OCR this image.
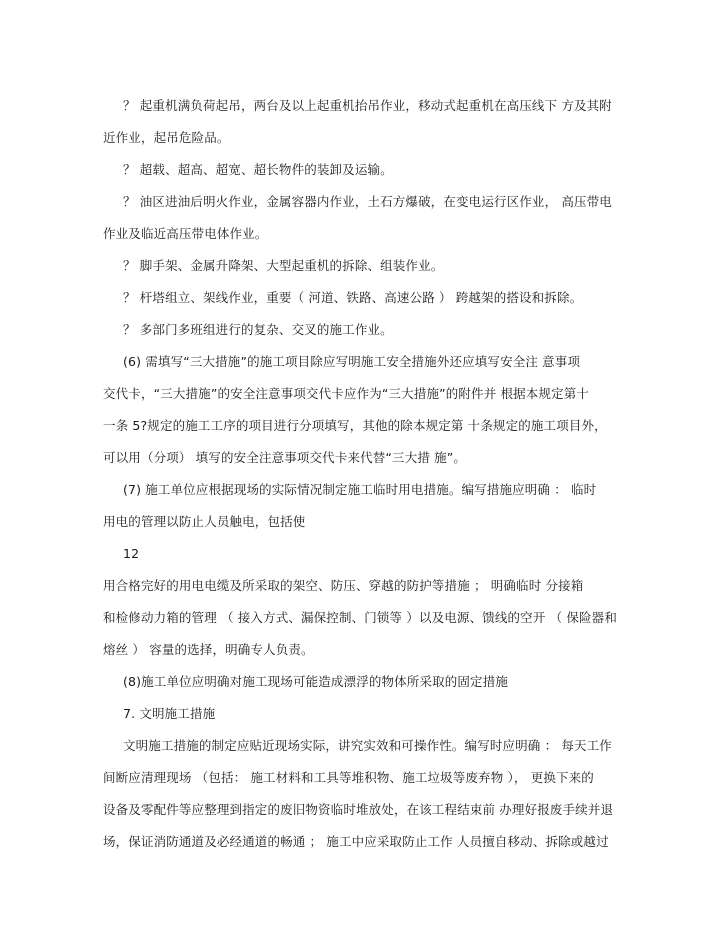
？ 起重机满负荷起吊，两台及以上起重机抬吊作业，移动式起重机在高压线下 方及其附
近作业，起吊危险品。
？ 超载、超高、超宽、超长物件的装卸及运输。
？ 油区进油后明火作业，金属容器内作业，土石方爆破，在变电运行区作业， 高压带电
作业及临近高压带电体作业。
？ 脚手架、金属升降架、大型起重机的拆除、组装作业。
？ 杆塔组立、架线作业，重要（ 河道、铁路、高速公路 ） 跨越架的搭设和拆除。
？ 多部门多班组进行的复杂、交叉的施工作业。
(6) 需填写“三大措施”的施工项目除应写明施工安全措施外还应填写安全注 意事项
交代卡，“三大措施”的安全注意事项交代卡应作为“三大措施”的附件并 根据本规定第十
一条 5?规定的施工工序的项目进行分项填写，其他的除本规定第 十条规定的施工项目外，
可以用（分项） 填写的安全注意事项交代卡来代替“三大措 施”。
(7) 施工单位应根据现场的实际情况制定施工临时用电措施。编写措施应明确 ： 临时
用电的管理以防止人员触电，包括使
12
用合格完好的用电电缆及所采取的架空、防压、穿越的防护等措施 ； 明确临时 分接箱
和检修动力箱的管理 （ 接入方式、漏保控制、门锁等 ）以及电源、馈线的空开 （ 保险器和
熔丝 ） 容量的选择，明确专人负责。
(8)施工单位应明确对施工现场可能造成漂浮的物体所采取的固定措施
7. 文明施工措施
文明施工措施的制定应贴近现场实际，讲究实效和可操作性。编写时应明确 ： 每天工作
间断应清理现场 （包括： 施工材料和工具等堆积物、施工垃圾等废弃物 ）， 更换下来的
设备及零配件等应整理到指定的废旧物资临时堆放处，在该工程结束前 办理好报废手续并退
场，保证消防通道及必经通道的畅通 ； 施工中应采取防止工作 人员擅自移动、拆除或越过
